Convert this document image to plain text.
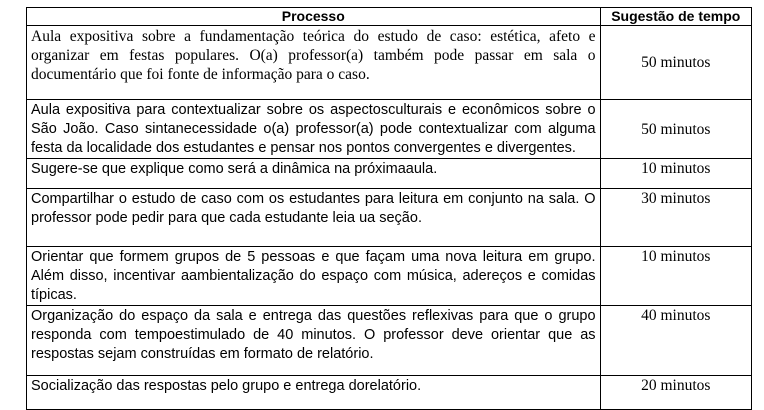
Processo	Sugestão de tempo
Aula expositiva sobre a fundamentação teórica do estudo de caso: estética, afeto e organizar em festas populares. O(a) professor(a) também pode passar em sala o documentário que foi fonte de informação para o caso.	50 minutos
Aula expositiva para contextualizar sobre os aspectosculturais e econômicos sobre o São João. Caso sintanecessidade o(a) professor(a) pode contextualizar com alguma festa da localidade dos estudantes e pensar nos pontos convergentes e divergentes.	50 minutos
Sugere-se que explique como será a dinâmica na próximaaula.	10 minutos
Compartilhar o estudo de caso com os estudantes para leitura em conjunto na sala. O professor pode pedir para que cada estudante leia ua seção.	30 minutos
Orientar que formem grupos de 5 pessoas e que façam uma nova leitura em grupo. Além disso, incentivar aambientalização do espaço com música, adereços e comidas típicas.	10 minutos
Organização do espaço da sala e entrega das questões reflexivas para que o grupo responda com tempoestimulado de 40 minutos. O professor deve orientar que as respostas sejam construídas em formato de relatório.	40 minutos
Socialização das respostas pelo grupo e entrega dorelatório.	20 minutos
